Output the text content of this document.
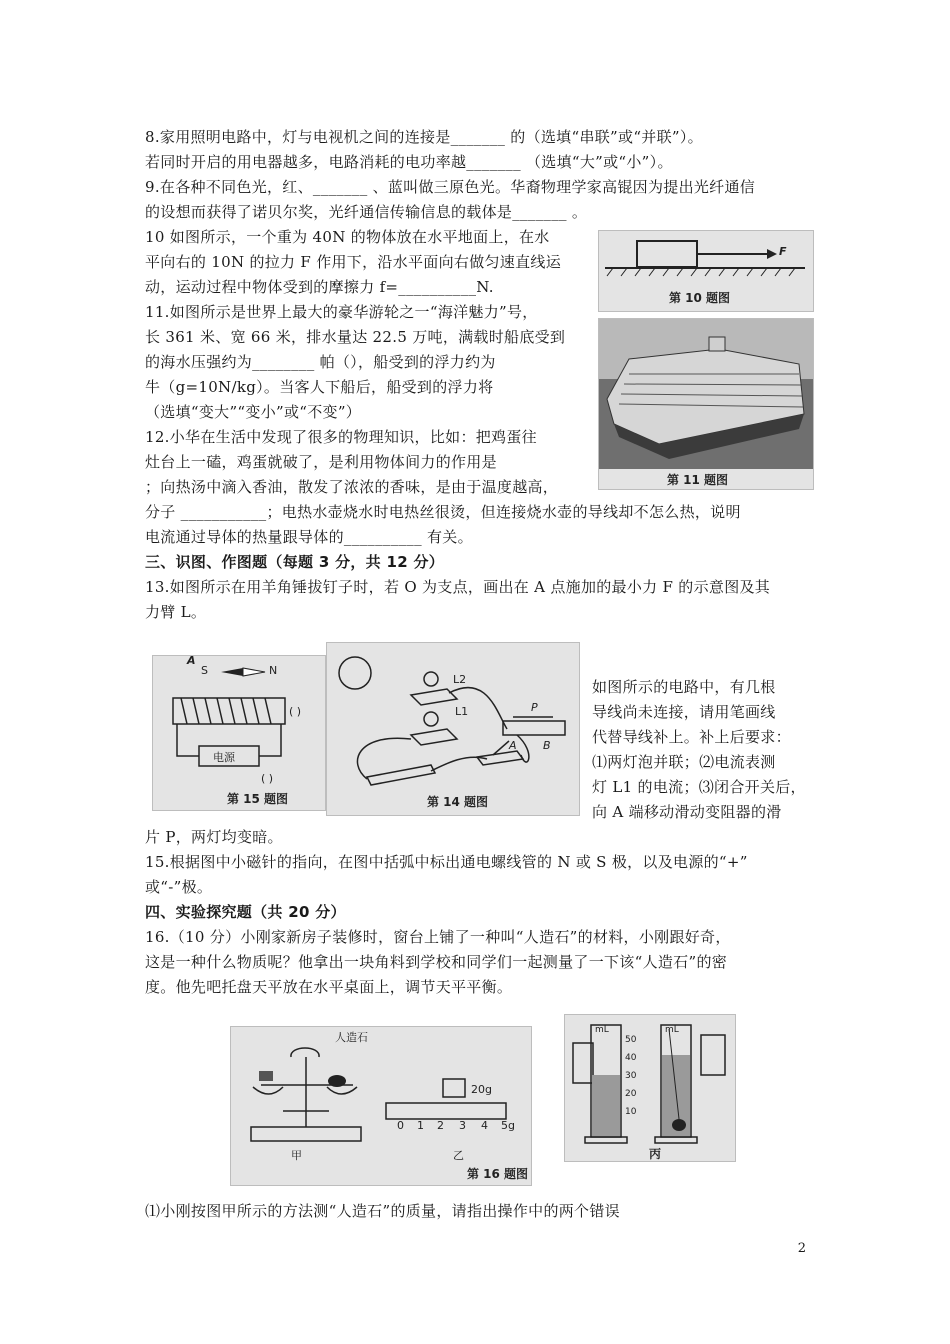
8.家用照明电路中，灯与电视机之间的连接是_______ 的（选填“串联”或“并联”）。
若同时开启的用电器越多，电路消耗的电功率越_______ （选填“大”或“小”）。
9.在各种不同色光，红、_______ 、蓝叫做三原色光。华裔物理学家高锟因为提出光纤通信
的设想而获得了诺贝尔奖，光纤通信传输信息的载体是_______ 。
10 如图所示，一个重为 40N 的物体放在水平地面上，在水
平向右的 10N 的拉力 F 作用下，沿水平面向右做匀速直线运
动，运动过程中物体受到的摩擦力 f=__________N.
11.如图所示是世界上最大的豪华游轮之一“海洋魅力”号，
长 361 米、宽 66 米，排水量达 22.5 万吨，满载时船底受到
的海水压强约为________ 帕（），船受到的浮力约为
牛（g=10N/kg）。当客人下船后，船受到的浮力将
（选填“变大”“变小”或“不变”）
12.小华在生活中发现了很多的物理知识，比如：把鸡蛋往
灶台上一磕，鸡蛋就破了，是利用物体间力的作用是
；向热汤中滴入香油，散发了浓浓的香味，是由于温度越高，
分子 ___________；电热水壶烧水时电热丝很烫，但连接烧水壶的导线却不怎么热，说明
电流通过导体的热量跟导体的__________ 有关。
三、识图、作图题（每题 3 分，共 12 分）
13.如图所示在用羊角锤拔钉子时，若 O 为支点，画出在 A 点施加的最小力 F 的示意图及其
力臂 L。
如图所示的电路中，有几根
导线尚未连接，请用笔画线
代替导线补上。补上后要求：
⑴两灯泡并联；⑵电流表测
灯 L1 的电流；⑶闭合开关后，
向 A 端移动滑动变阻器的滑
片 P，两灯均变暗。
15.根据图中小磁针的指向，在图中括弧中标出通电螺线管的 N 或 S 极，以及电源的“+”
或“-”极。
四、实验探究题（共 20 分）
16.（10 分）小刚家新房子装修时，窗台上铺了一种叫“人造石”的材料，小刚跟好奇，
这是一种什么物质呢？他拿出一块角料到学校和同学们一起测量了一下该“人造石”的密
度。他先吧托盘天平放在水平桌面上，调节天平平衡。
⑴小刚按图甲所示的方法测“人造石”的质量，请指出操作中的两个错误
F
第 10 题图
第 11 题图
A
S	N
电源
( )
( )
第 15 题图
L2
L1	P
A B
第 14 题图
人造石
20g
0 1 2 3 4 5g
甲	乙
第 16 题图
mL	mL
50
40
30
20
10
丙
2
